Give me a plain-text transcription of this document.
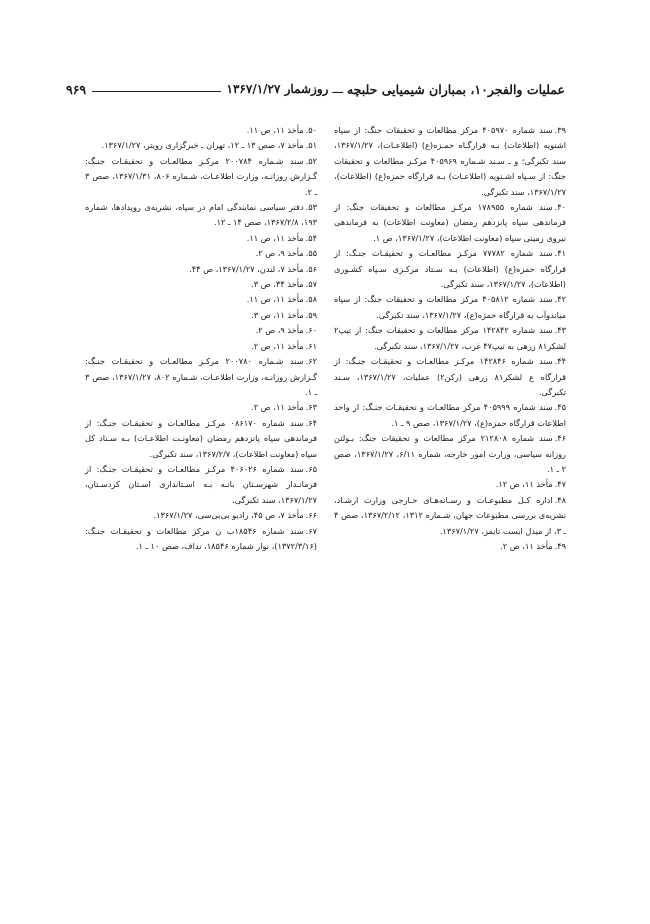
عملیات والفجر۱۰، بمباران شیمیایی حلبچه
ـــ
روزشمار ۱۳۶۷/۱/۲۷
۹۶۹

۳۹.سند شماره ۴۰۵۹۷۰ مرکز مطالعات و تحقیقات جنگ: از سپاه اشنویه (اطلاعات) بـه قرارگـاه حمـزه(ع) (اطلاعـات)، ۱۳۶۷/۱/۲۷، سند تکبرگی؛ و ـ سـند شـماره ۴۰۵۹۶۹ مرکـز مطالعات و تحقیقات جنگ: از سـپاه اشـنویه (اطلاعـات) بـه قرارگاه حمزه(ع) (اطلاعات)، ۱۳۶۷/۱/۲۷، سند تکبرگی.

۴۰.سند شماره ۱۷۸۹۵۵ مرکـز مطالعات و تحقیقات جنگ: از فرماندهی سپاه پانزدهم رمضان (معاونت اطلاعات) به فرماندهی نیروی زمینی سپاه (معاونت اطلاعات)، ۱۳۶۷/۱/۲۷، ص ۱.

۴۱.سند شماره ۷۷۷۸۲ مرکـز مطالعـات و تحقیقـات جنـگ: از قرارگاه حمزه(ع) (اطلاعات) بـه سـتاد مرکـزی سـپاه کشـوری (اطلاعات)، ۱۳۶۷/۱/۲۷، سند تکبرگی.

۴۲.سند شماره ۴۰۵۸۱۲ مرکز مطالعات و تحقیقات جنگ: از سپاه میاندوآب به قرارگاه حمزه(ع)، ۱۳۶۷/۱/۲۷، سند تکبرگی.

۴۳.سند شماره ۱۴۲۸۴۲ مرکز مطالعات و تحقیقات جنگ: از تیپ۲ لشکر۸۱ زرهی به تیپ۴۷ غرب، ۱۳۶۷/۱/۲۷، سند تکبرگی.

۴۴.سند شماره ۱۴۲۸۴۶ مرکـز مطالعـات و تحقیقـات جنـگ: از قرارگاه ع لشکر۸۱ زرهی (رکن۲) عملیات، ۱۳۶۷/۱/۲۷، سـند تکبرگی.

۴۵.سند شماره ۴۰۵۹۹۹ مرکز مطالعـات و تحقیقـات جنـگ: از واحد اطلاعات قرارگاه حمزه(ع)، ۱۳۶۷/۱/۲۷، صص ۹ ـ ۱.

۴۶.سند شماره ۲۱۲۸۰۸ مرکز مطالعات و تحقیقات جنگ: بـولتن روزانه سیاسی، وزارت امور خارجه، شماره ۶/۱۱، ۱۳۶۷/۱/۲۷، صص ۲ ـ ۱.

۴۷.مأخذ ۱۱، ص ۱۲.

۴۸.اداره کـل مطبوعـات و رسـانه‌هـای خـارجی وزارت ارشـاد، نشریه‌ی بررسی مطبوعات جهان، شـماره ۱۳۱۲، ۱۳۶۷/۲/۱۲، صص ۴ ـ ۳، از میدل ایست تایمز، ۱۳۶۷/۱/۲۷.

۴۹.مأخذ ۱۱، ص ۲.

۵۰.مأخذ ۱۱، ص ۱۱.

۵۱.مأخذ ۷، صص ۱۳ ـ ۱۲، تهران ـ خبرگزاری رویتر، ۱۳۶۷/۱/۲۷.

۵۲.سند شـماره ۲۰۰۷۸۴ مرکـز مطالعـات و تحقیقـات جنـگ: گـزارش روزانـه، وزارت اطلاعـات، شـماره ۸۰۶، ۱۳۶۷/۱/۳۱، صص ۳ ـ ۲.

۵۳.دفتر سیاسی نمایندگی امام در سپاه، نشریه‌ی رویدادها، شماره ۱۹۳، ۱۳۶۷/۲/۸، صص ۱۴ ـ ۱۲.

۵۴.مأخذ ۱۱، ص ۱۱.

۵۵.مأخذ ۹، ص ۲.

۵۶.مأخذ ۷، لندن، ۱۳۶۷/۱/۲۷، ص ۴۴.

۵۷.مأخذ ۳۴، ص ۳.

۵۸.مأخذ ۱۱، ص ۱۱.

۵۹.مأخذ ۱۱، ص ۳.

۶۰.مأخذ ۹، ص ۲.

۶۱.مأخذ ۱۱، ص ۲.

۶۲.سند شـماره ۲۰۰۷۸۰ مرکـز مطالعـات و تحقیقـات جنـگ: گـزارش روزانـه، وزارت اطلاعـات، شـماره ۸۰۲، ۱۳۶۷/۱/۲۷، صص ۳ ـ ۱.

۶۳.مأخذ ۱۱، ص ۲.

۶۴.سند شماره ۰۸۶۱۷۰ مرکـز مطالعـات و تحقیقـات جنـگ: از فرماندهی سپاه پانزدهم رمضان (معاونـت اطلاعـات) بـه سـتاد کل سپاه (معاونت اطلاعات)، ۱۳۶۷/۲/۷، سند تکبرگی.

۶۵.سند شماره ۴۰۶۰۲۶ مرکـز مطالعـات و تحقیقـات جنـگ: از فرمانـدار شهرسـتان بانـه بـه اسـتانداری اسـتان کردسـتان، ۱۳۶۷/۱/۲۷، سند تکبرگی.

۶۶.مأخذ ۷، ص ۴۵، رادیو بی‌بی‌سی، ۱۳۶۷/۱/۲۷.

۶۷.سند شماره ۱۸۵۴۶ب ن مرکز مطالعات و تحقیقـات جنـگ: (۱۳۷۲/۳/۱۶)، نوار شماره ۱۸۵۴۶، نداف، صص ۱۰ ـ ۱.
